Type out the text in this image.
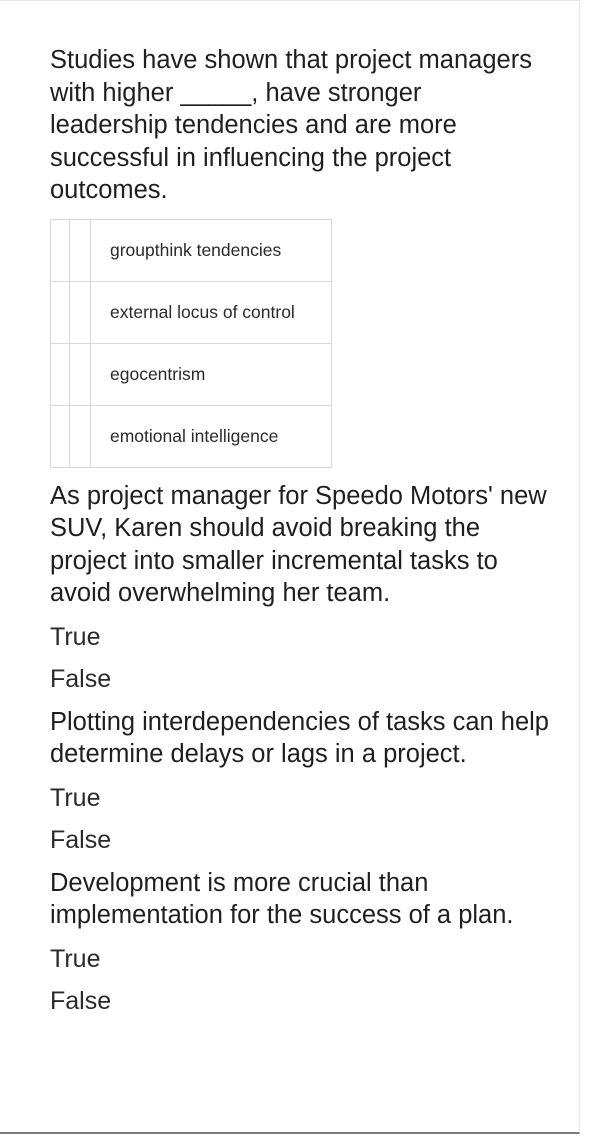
Studies have shown that project managers with higher _____, have stronger leadership tendencies and are more successful in influencing the project outcomes.

		groupthink tendencies
		external locus of control
		egocentrism
		emotional intelligence

As project manager for Speedo Motors' new SUV, Karen should avoid breaking the project into smaller incremental tasks to avoid overwhelming her team.

True
False

Plotting interdependencies of tasks can help determine delays or lags in a project.

True
False

Development is more crucial than implementation for the success of a plan.

True
False
